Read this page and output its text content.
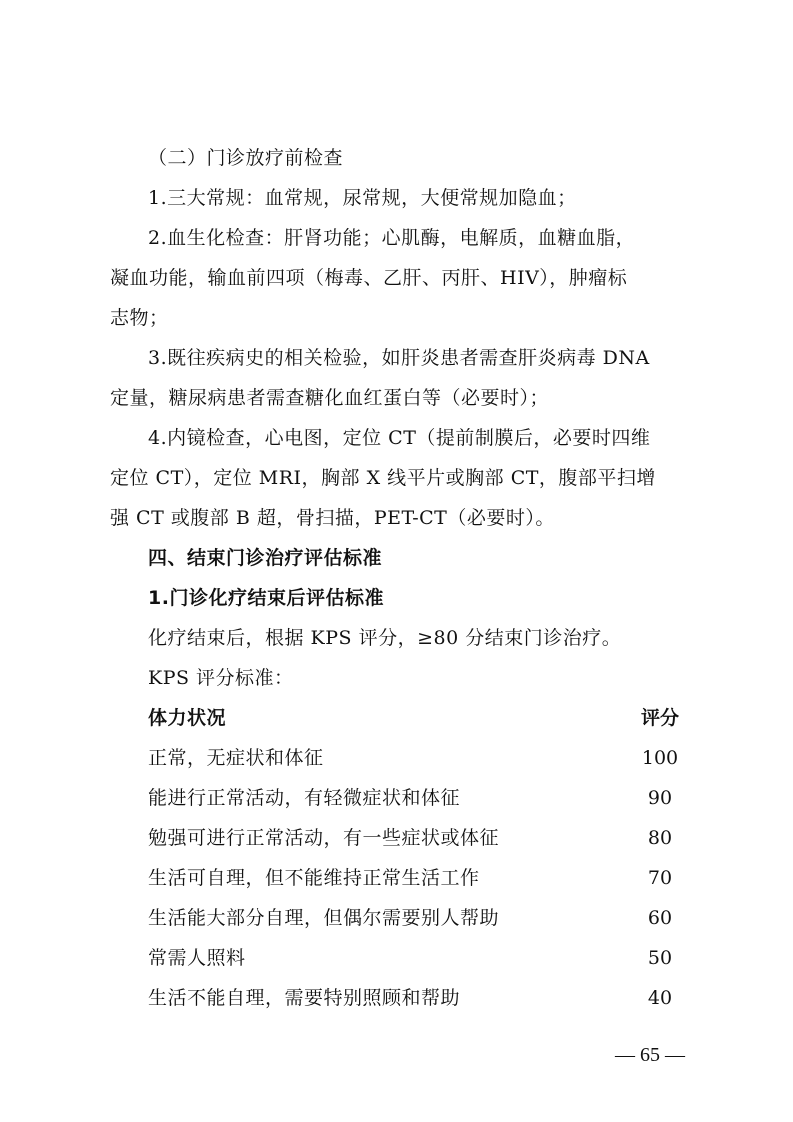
（二）门诊放疗前检查
1.三大常规：血常规，尿常规，大便常规加隐血；
2.血生化检查：肝肾功能；心肌酶，电解质，血糖血脂，
凝血功能，输血前四项（梅毒、乙肝、丙肝、HIV），肿瘤标
志物；
3.既往疾病史的相关检验，如肝炎患者需查肝炎病毒 DNA
定量，糖尿病患者需查糖化血红蛋白等（必要时）；
4.内镜检查，心电图，定位 CT（提前制膜后，必要时四维
定位 CT），定位 MRI，胸部 X 线平片或胸部 CT，腹部平扫增
强 CT 或腹部 B 超，骨扫描，PET-CT（必要时）。
四、结束门诊治疗评估标准
1.门诊化疗结束后评估标准
化疗结束后，根据 KPS 评分，≥80 分结束门诊治疗。
KPS 评分标准：
体力状况	评分
正常，无症状和体征	100
能进行正常活动，有轻微症状和体征	90
勉强可进行正常活动，有一些症状或体征	80
生活可自理，但不能维持正常生活工作	70
生活能大部分自理，但偶尔需要别人帮助	60
常需人照料	50
生活不能自理，需要特别照顾和帮助	40
— 65 —
